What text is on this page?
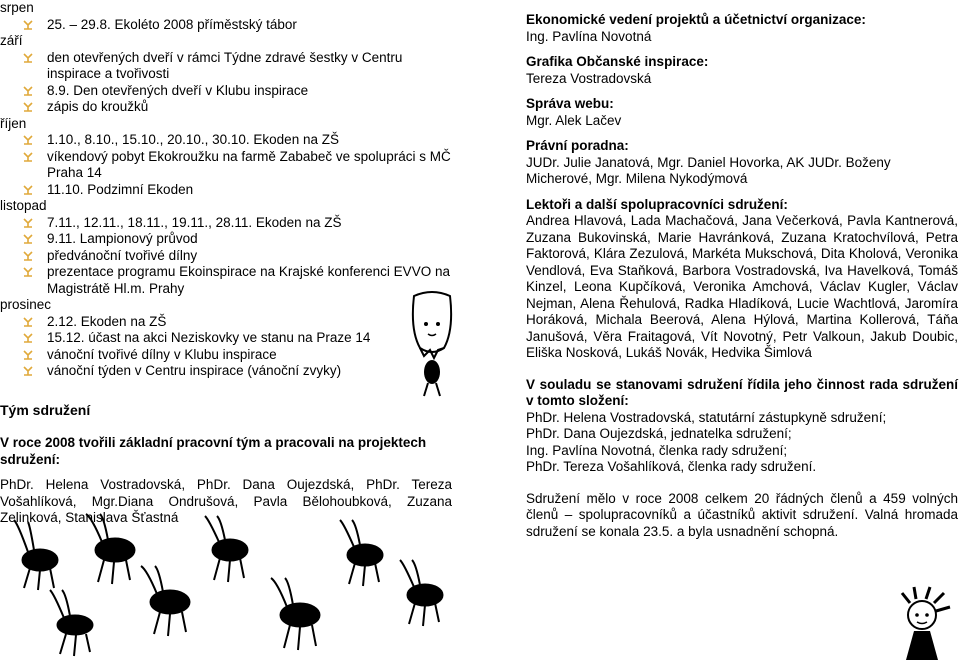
srpen
25. – 29.8. Ekoléto 2008 příměstský tábor
září
den otevřených dveří v rámci Týdne zdravé šestky v Centru inspirace a tvořivosti
8.9. Den otevřených dveří v Klubu inspirace
zápis do kroužků
říjen
1.10., 8.10., 15.10., 20.10., 30.10. Ekoden na ZŠ
víkendový pobyt Ekokroužku na farmě Zababeč ve spolupráci s MČ Praha 14
11.10. Podzimní Ekoden
listopad
7.11., 12.11., 18.11., 19.11., 28.11. Ekoden na ZŠ
9.11. Lampionový průvod
předvánoční tvořivé dílny
prezentace programu Ekoinspirace na Krajské konferenci EVVO na Magistrátě Hl.m. Prahy
prosinec
2.12. Ekoden na ZŠ
15.12. účast na akci Neziskovky ve stanu na Praze 14
vánoční tvořivé dílny v Klubu inspirace
vánoční týden v Centru inspirace (vánoční zvyky)
Tým sdružení
V roce 2008 tvořili základní pracovní tým a pracovali na projektech sdružení:
PhDr. Helena Vostradovská, PhDr. Dana Oujezdská, PhDr. Tereza Vošahlíková, Mgr.Diana Ondrušová, Pavla Bělohoubková, Zuzana Zelinková, Stanislava Šťastná
Ekonomické vedení projektů a účetnictví organizace:
Ing. Pavlína Novotná
Grafika Občanské inspirace:
Tereza Vostradovská
Správa webu:
Mgr. Alek Lačev
Právní poradna:
JUDr. Julie Janatová, Mgr. Daniel Hovorka, AK JUDr. Boženy Micherové, Mgr. Milena Nykodýmová
Lektoři a další spolupracovníci sdružení:
Andrea Hlavová, Lada Machačová, Jana Večerková, Pavla Kantnerová, Zuzana Bukovinská, Marie Havránková, Zuzana Kratochvílová, Petra Faktorová, Klára Zezulová, Markéta Mukschová, Dita Kholová, Veronika Vendlová, Eva Staňková, Barbora Vostradovská, Iva Havelková, Tomáš Kinzel, Leona Kupčíková, Veronika Amchová, Václav Kugler, Václav Nejman, Alena Řehulová, Radka Hladíková, Lucie Wachtlová, Jaromíra Horáková, Michala Beerová, Alena Hýlová, Martina Kollerová, Táňa Janušová, Věra Fraitagová, Vít Novotný, Petr Valkoun, Jakub Doubic, Eliška Nosková, Lukáš Novák, Hedvika Šimlová
V souladu se stanovami sdružení řídila jeho činnost rada sdružení v tomto složení:
PhDr. Helena Vostradovská, statutární zástupkyně sdružení;
PhDr. Dana Oujezdská, jednatelka sdružení;
Ing. Pavlína Novotná, členka rady sdružení;
PhDr. Tereza Vošahlíková, členka rady sdružení.
Sdružení mělo v roce 2008 celkem 20 řádných členů a 459 volných členů – spolupracovníků a účastníků aktivit sdružení. Valná hromada sdružení se konala 23.5. a byla usnadnění schopná.
